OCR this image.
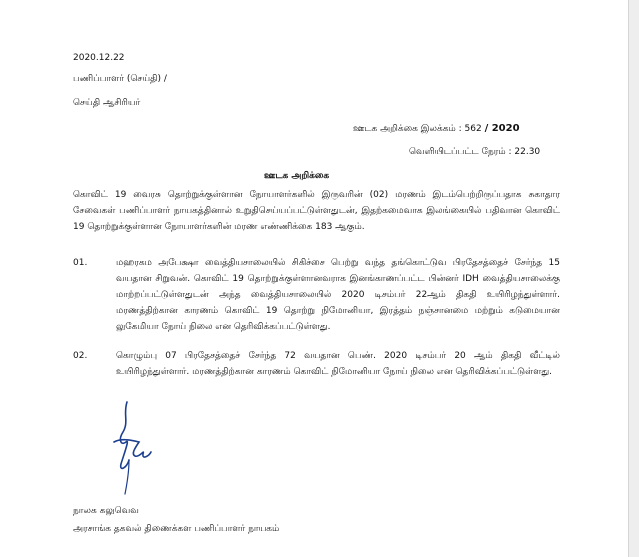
2020.12.22
பணிப்பாளர் (செய்தி) /
செய்தி ஆசிரியர்
ஊடக அறிக்கை இலக்கம் : 562 / 2020
வெளியிடப்பட்ட நேரம் : 22.30
ஊடக அறிக்கை
கொவிட் 19 வைரசு தொற்றுக்குள்ளான நோயாளர்களில் இருவரின் (02) மரணம் இடம்பெற்றிருப்பதாக சுகாதார சேவைகள் பணிப்பாளர் நாயகத்தினால் உறுதிசெய்யப்பட்டுள்ளதுடன், இதற்கமைவாக இலங்கையில் பதிவான கொவிட் 19 தொற்றுக்குள்ளான நோயாளர்களின் மரண எண்ணிக்கை 183 ஆகும்.
01.	மஹரகம அபேக்ஷா வைத்தியசாலையில் சிகிச்சை பெற்று வந்த தங்கொட்டுவ பிரதேசத்தைச் சேர்ந்த 15 வயதான சிறுவன். கொவிட் 19 தொற்றுக்குள்ளானவராக இனங்காணப்பட்ட பின்னர் IDH வைத்தியசாலைக்கு மாற்றப்பட்டுள்ளதுடன் அந்த வைத்தியசாலையில் 2020 டிசம்பர் 22ஆம் திகதி உயிரிழந்துள்ளார். மரணத்திற்கான காரணம் கொவிட் 19 தொற்று நிமோனியா, இரத்தம் நஞ்சானமை மற்றும் கடுமையான லுகேமியா நோய் நிலை என தெரிவிக்கப்பட்டுள்ளது.
02.	கொழும்பு 07 பிரதேசத்தைச் சேர்ந்த 72 வயதான பெண். 2020 டிசம்பர் 20 ஆம் திகதி வீட்டில் உயிரிழந்துள்ளார். மரணத்திற்கான காரணம் கொவிட் நிமோனியா நோய் நிலை என தெரிவிக்கப்பட்டுள்ளது.
நாலக கலுவெவ
அரசாங்க தகவல் திணைக்கள பணிப்பாளர் நாயகம்
